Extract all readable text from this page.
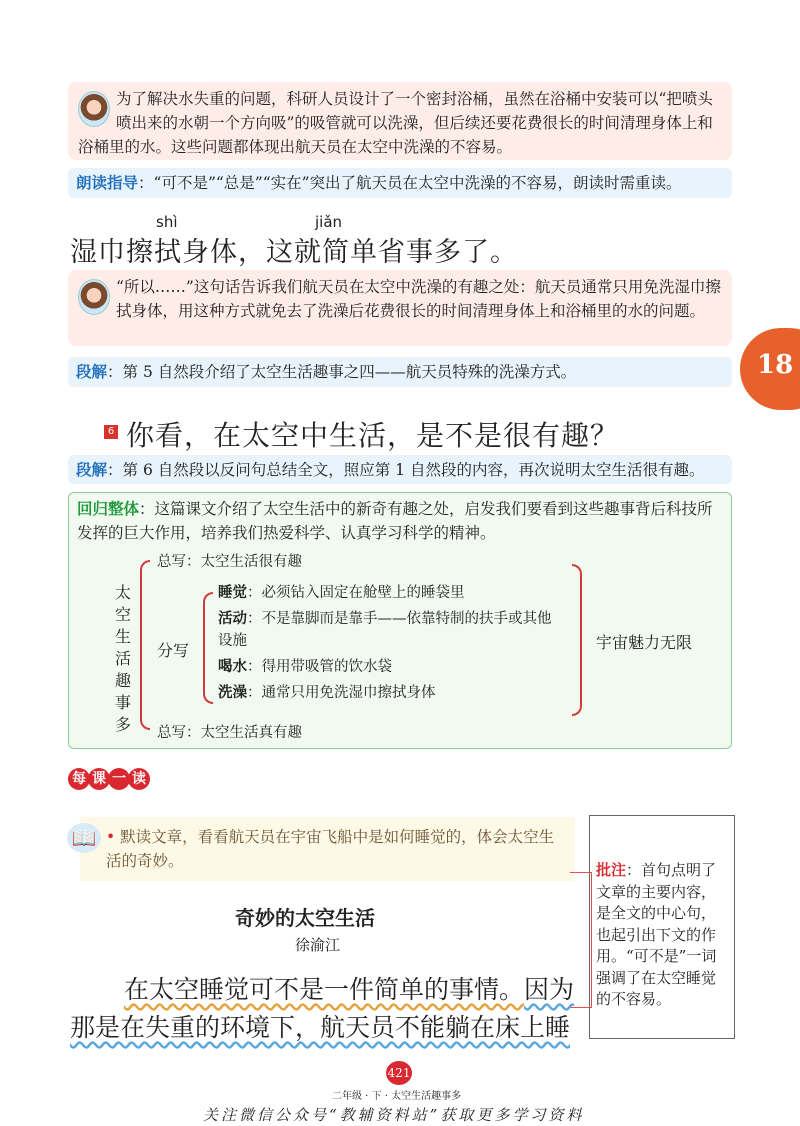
为了解决水失重的问题，科研人员设计了一个密封浴桶，虽然在浴桶中安装可以“把喷头喷出来的水朝一个方向吸”的吸管就可以洗澡，但后续还要花费很长的时间清理身体上和浴桶里的水。这些问题都体现出航天员在太空中洗澡的不容易。
朗读指导：“可不是”“总是”“实在”突出了航天员在太空中洗澡的不容易，朗读时需重读。
shì	jiǎn
湿巾擦拭身体，这就简单省事多了。
“所以……”这句话告诉我们航天员在太空中洗澡的有趣之处：航天员通常只用免洗湿巾擦拭身体，用这种方式就免去了洗澡后花费很长的时间清理身体上和浴桶里的水的问题。
段解：第 5 自然段介绍了太空生活趣事之四——航天员特殊的洗澡方式。	18
6 你看，在太空中生活，是不是很有趣？
段解：第 6 自然段以反问句总结全文，照应第 1 自然段的内容，再次说明太空生活很有趣。
回归整体：这篇课文介绍了太空生活中的新奇有趣之处，启发我们要看到这些趣事背后科技所发挥的巨大作用，培养我们热爱科学、认真学习科学的精神。
太空生活趣事多
总写：太空生活很有趣
分写
睡觉：必须钻入固定在舱壁上的睡袋里
活动：不是靠脚而是靠手——依靠特制的扶手或其他设施
喝水：得用带吸管的饮水袋
洗澡：通常只用免洗湿巾擦拭身体
总写：太空生活真有趣
宇宙魅力无限
每 课 一 读
📖 • 默读文章，看看航天员在宇宙飞船中是如何睡觉的，体会太空生活的奇妙。
奇妙的太空生活
徐渝江
在太空睡觉可不是一件简单的事情。因为
那是在失重的环境下，航天员不能躺在床上睡
批注：首句点明了文章的主要内容，是全文的中心句，也起引出下文的作用。“可不是”一词强调了在太空睡觉的不容易。
421
二年级 · 下 · 太空生活趣事多
关注微信公众号“教辅资料站”获取更多学习资料
